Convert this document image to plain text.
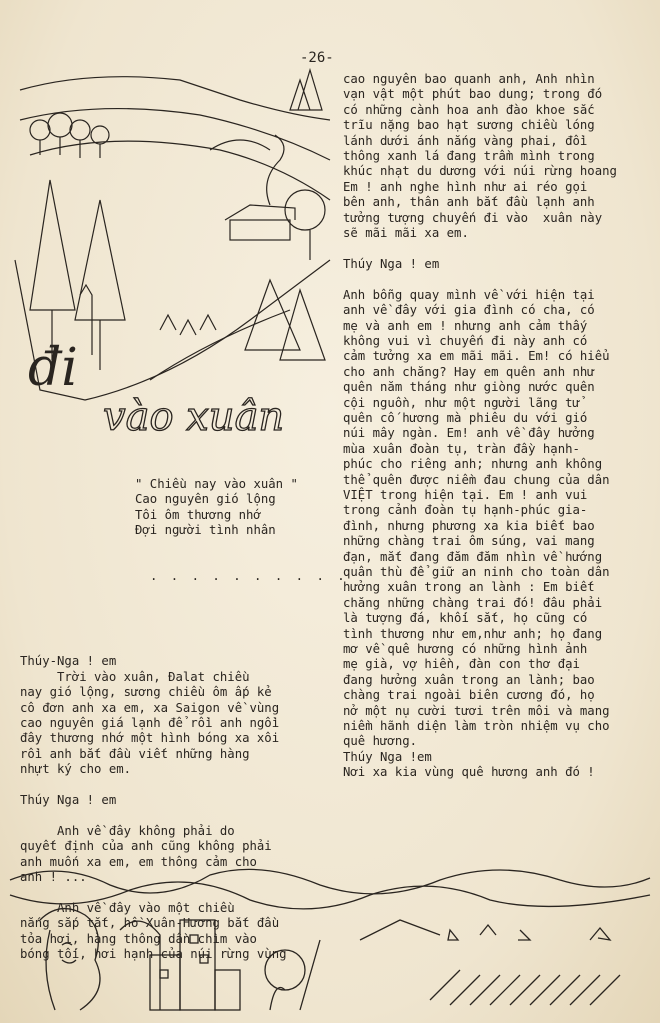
-26-
đi
vào xuân
cao nguyên bao quanh anh, Anh nhìn
vạn vật một phút bao dung; trong đó
có những cành hoa anh đào khoe sắc
trĩu nặng bao hạt sương chiều lóng
lánh dưới ánh nắng vàng phai, đồi
thông xanh lá đang trầm mình trong
khúc nhạt du dương với núi rừng hoang
Em ! anh nghe hình như ai réo gọi
bên anh, thân anh bắt đầu lạnh anh
tưởng tượng chuyến đi vào  xuân này
sẽ mãi mãi xa em.

Thúy Nga ! em

Anh bỗng quay mình về với hiện tại
anh về đây với gia đình có cha, có
mẹ và anh em ! nhưng anh cảm thấy
không vui vì chuyến đi này anh có
cảm tưởng xa em mãi mãi. Em! có hiểu
cho anh chăng? Hay em quên anh như
quên năm tháng như giòng nước quên
cội nguồn, như một người lãng tử
quên cố hương mà phiêu du với gió
núi mây ngàn. Em! anh về đây hưởng
mùa xuân đoàn tụ, tràn đầy hạnh-
phúc cho riêng anh; nhưng anh không
thể quên được niềm đau chung của dân
VIỆT trong hiện tại. Em ! anh vui
trong cảnh đoàn tụ hạnh-phúc gia-
đình, nhưng phương xa kia biết bao
những chàng trai ôm súng, vai mang
đạn, mắt đang đăm đăm nhìn về hướng
quân thù để giữ an ninh cho toàn dân
hưởng xuân trong an lành : Em biết
chăng những chàng trai đó! đâu phải
là tượng đá, khối sắt, họ cũng có
tình thương như em,như anh; họ đang
mơ về quê hương có những hình ảnh
mẹ già, vợ hiền, đàn con thơ đại
đang hưởng xuân trong an lành; bao
chàng trai ngoài biên cương đó, họ
nở một nụ cười tươi trên môi và mang
niềm hãnh diện làm tròn nhiệm vụ cho
quê hương.
Thúy Nga !em
Nơi xa kia vùng quê hương anh đó !

" Chiều nay vào xuân "
Cao nguyên gió lộng
Tôi ôm thương nhớ
Đợi người tình nhân

. . . . . . . . . .

Thúy-Nga ! em
Trời vào xuân, Đalat chiều
nay gió lộng, sương chiều ôm ấp kẻ
cô đơn anh xa em, xa Saigon về vùng
cao nguyên giá lạnh để rồi anh ngồi
đây thương nhớ một hình bóng xa xôi
rồi anh bắt đầu viết những hàng
nhựt ký cho em.

Thúy Nga ! em

Anh về đây không phải do
quyết định của anh cũng không phải
anh muốn xa em, em thông cảm cho
anh ! ...

Anh về đây vào một chiều
nắng sắp tắt, hồ Xuân-Hương bắt đầu
tỏa hơi, hàng thông dần chìm vào
bóng tối, hơi hạnh của núi rừng vùng
